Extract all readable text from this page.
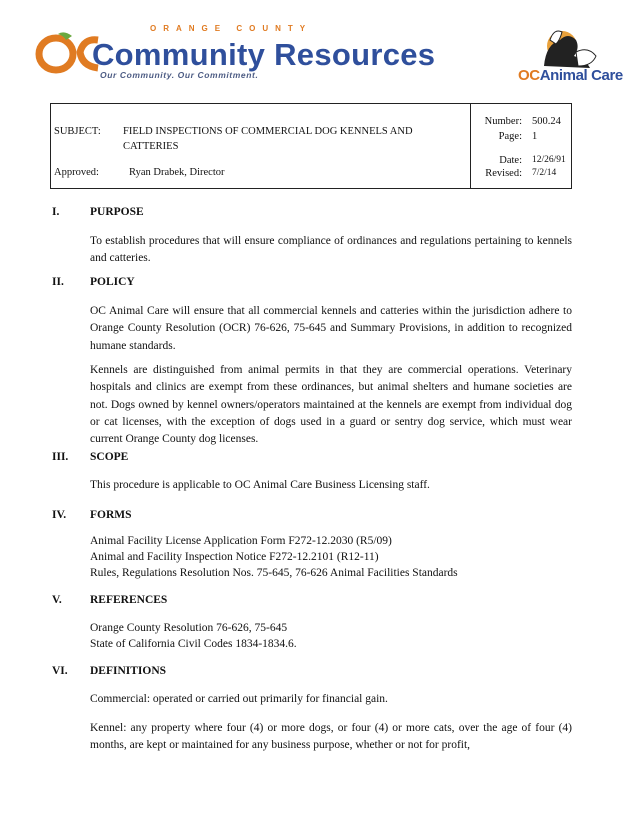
ORANGE COUNTY
Community Resources
Our Community. Our Commitment.	OCAnimal Care
SUBJECT: FIELD INSPECTIONS OF COMMERCIAL DOG KENNELS AND
CATTERIES
Approved:	Ryan Drabek, Director
Number: 500.24
Page: 1
Date: 12/26/91
Revised: 7/2/14
I.	PURPOSE
To establish procedures that will ensure compliance of ordinances and regulations pertaining to kennels and catteries.
II. POLICY
OC Animal Care will ensure that all commercial kennels and catteries within the jurisdiction adhere to Orange County Resolution (OCR) 76-626, 75-645 and Summary Provisions, in addition to recognized humane standards.
Kennels are distinguished from animal permits in that they are commercial operations. Veterinary hospitals and clinics are exempt from these ordinances, but animal shelters and humane societies are not. Dogs owned by kennel owners/operators maintained at the kennels are exempt from individual dog or cat licenses, with the exception of dogs used in a guard or sentry dog service, which must wear current Orange County dog licenses.
III. SCOPE
This procedure is applicable to OC Animal Care Business Licensing staff.
IV. FORMS
Animal Facility License Application Form F272-12.2030 (R5/09)
Animal and Facility Inspection Notice F272-12.2101 (R12-11)
Rules, Regulations Resolution Nos. 75-645, 76-626 Animal Facilities Standards
V. REFERENCES
Orange County Resolution 76-626, 75-645
State of California Civil Codes 1834-1834.6.
VI. DEFINITIONS
Commercial: operated or carried out primarily for financial gain.
Kennel: any property where four (4) or more dogs, or four (4) or more cats, over the age of four (4) months, are kept or maintained for any business purpose, whether or not for profit,
